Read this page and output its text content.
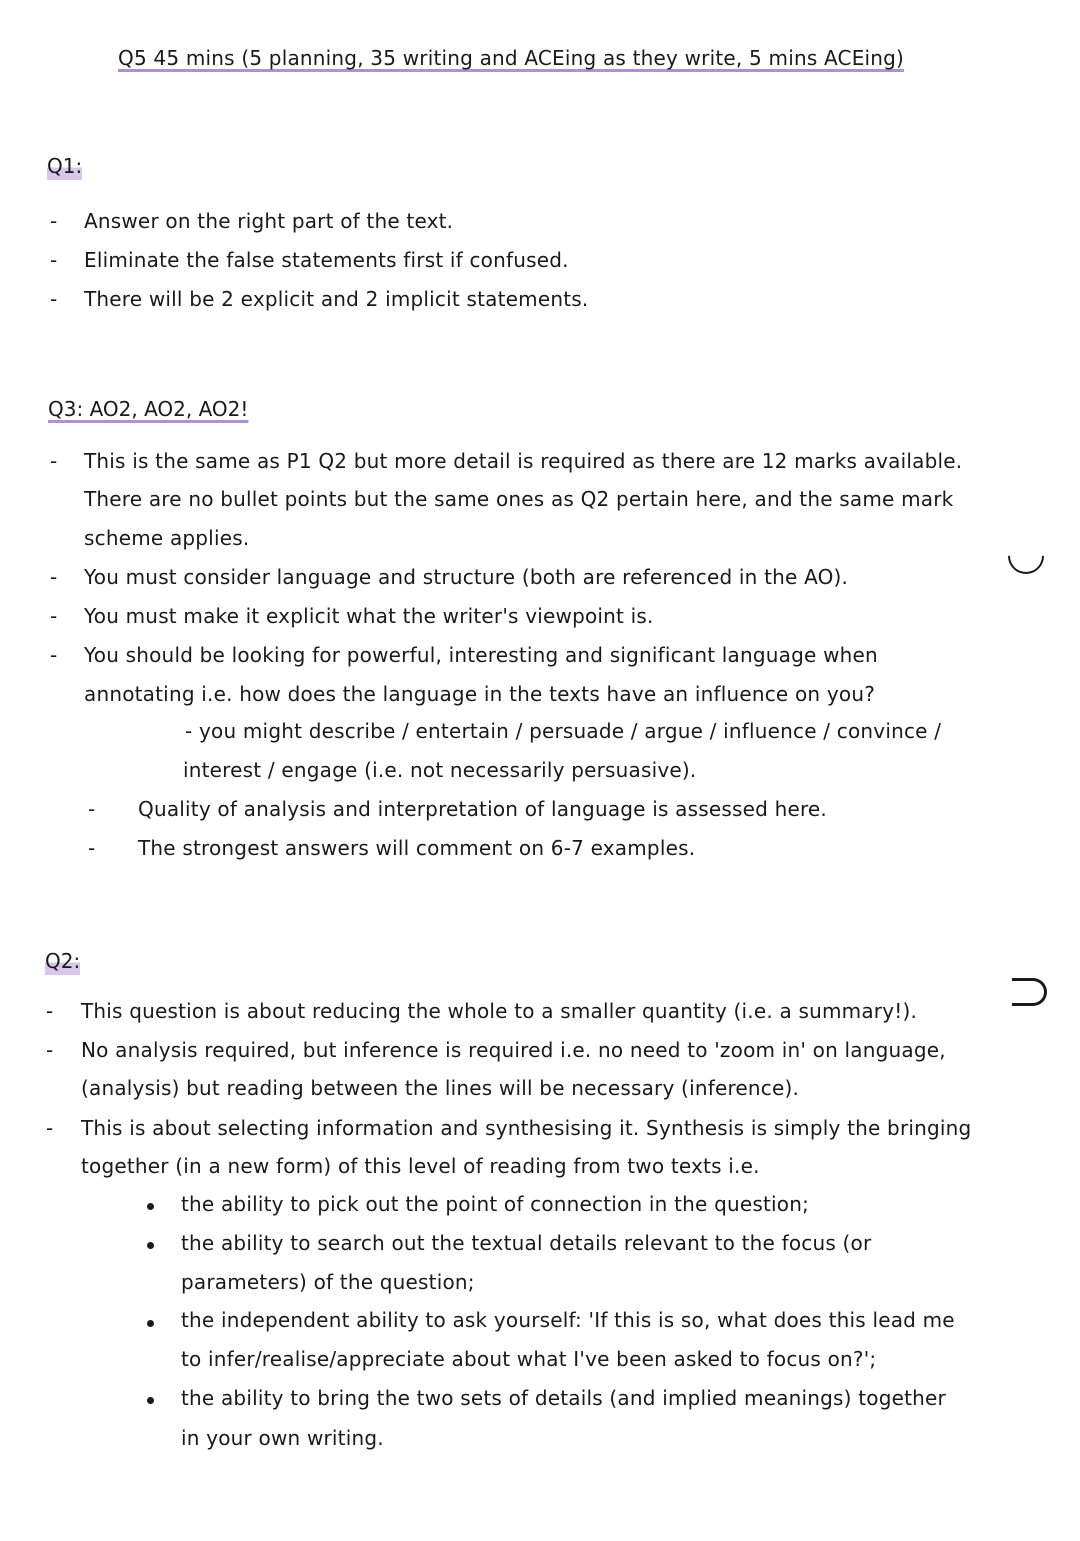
Q5 45 mins (5 planning, 35 writing and ACEing as they write, 5 mins ACEing)
Q1:
- Answer on the right part of the text.
- Eliminate the false statements first if confused.
- There will be 2 explicit and 2 implicit statements.
Q3: AO2, AO2, AO2!
- This is the same as P1 Q2 but more detail is required as there are 12 marks available.
There are no bullet points but the same ones as Q2 pertain here, and the same mark
scheme applies.
- You must consider language and structure (both are referenced in the AO).
- You must make it explicit what the writer's viewpoint is.
- You should be looking for powerful, interesting and significant language when
annotating i.e. how does the language in the texts have an influence on you?
- you might describe / entertain / persuade / argue / influence / convince /
interest / engage (i.e. not necessarily persuasive).
- Quality of analysis and interpretation of language is assessed here.
- The strongest answers will comment on 6-7 examples.
Q2:
- This question is about reducing the whole to a smaller quantity (i.e. a summary!).
- No analysis required, but inference is required i.e. no need to 'zoom in' on language,
(analysis) but reading between the lines will be necessary (inference).
- This is about selecting information and synthesising it. Synthesis is simply the bringing
together (in a new form) of this level of reading from two texts i.e.
the ability to pick out the point of connection in the question;
the ability to search out the textual details relevant to the focus (or
parameters) of the question;
the independent ability to ask yourself: 'If this is so, what does this lead me
to infer/realise/appreciate about what I've been asked to focus on?';
the ability to bring the two sets of details (and implied meanings) together
in your own writing.
